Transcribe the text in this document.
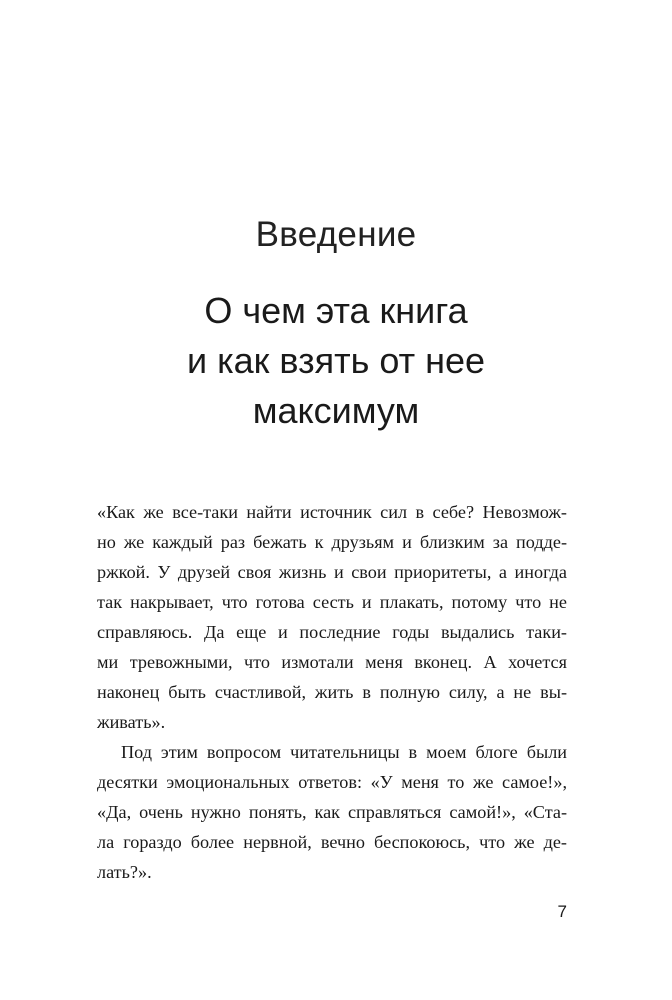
Введение
О чем эта книга
и как взять от нее
максимум
«Как же все-таки найти источник сил в себе? Невозмож-
но же каждый раз бежать к друзьям и близким за подде-
ржкой. У друзей своя жизнь и свои приоритеты, а иногда
так накрывает, что готова сесть и плакать, потому что не
справляюсь. Да еще и последние годы выдались таки-
ми тревожными, что измотали меня вконец. А хочется
наконец быть счастливой, жить в полную силу, а не вы-
живать».
Под этим вопросом читательницы в моем блоге были
десятки эмоциональных ответов: «У меня то же самое!»,
«Да, очень нужно понять, как справляться самой!», «Ста-
ла гораздо более нервной, вечно беспокоюсь, что же де-
лать?».
7
